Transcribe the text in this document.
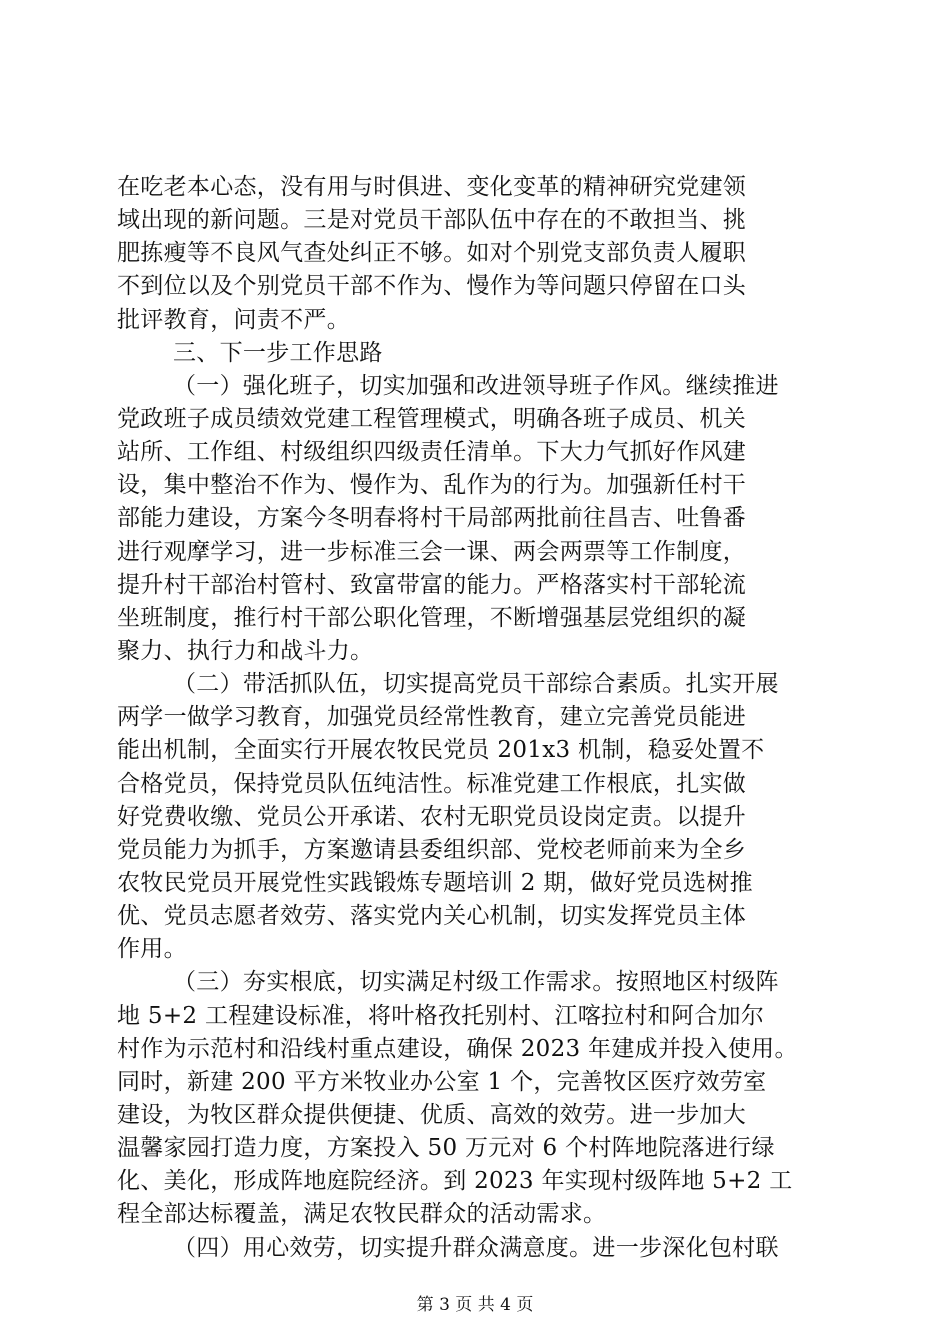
在吃老本心态，没有用与时俱进、变化变革的精神研究党建领
域出现的新问题。三是对党员干部队伍中存在的不敢担当、挑
肥拣瘦等不良风气查处纠正不够。如对个别党支部负责人履职
不到位以及个别党员干部不作为、慢作为等问题只停留在口头
批评教育，问责不严。
三、下一步工作思路
（一）强化班子，切实加强和改进领导班子作风。继续推进
党政班子成员绩效党建工程管理模式，明确各班子成员、机关
站所、工作组、村级组织四级责任清单。下大力气抓好作风建
设，集中整治不作为、慢作为、乱作为的行为。加强新任村干
部能力建设，方案今冬明春将村干局部两批前往昌吉、吐鲁番
进行观摩学习，进一步标准三会一课、两会两票等工作制度，
提升村干部治村管村、致富带富的能力。严格落实村干部轮流
坐班制度，推行村干部公职化管理，不断增强基层党组织的凝
聚力、执行力和战斗力。
（二）带活抓队伍，切实提高党员干部综合素质。扎实开展
两学一做学习教育，加强党员经常性教育，建立完善党员能进
能出机制，全面实行开展农牧民党员 201x3 机制，稳妥处置不
合格党员，保持党员队伍纯洁性。标准党建工作根底，扎实做
好党费收缴、党员公开承诺、农村无职党员设岗定责。以提升
党员能力为抓手，方案邀请县委组织部、党校老师前来为全乡
农牧民党员开展党性实践锻炼专题培训 2 期，做好党员选树推
优、党员志愿者效劳、落实党内关心机制，切实发挥党员主体
作用。
（三）夯实根底，切实满足村级工作需求。按照地区村级阵
地 5+2 工程建设标准，将叶格孜托别村、江喀拉村和阿合加尔
村作为示范村和沿线村重点建设，确保 2023 年建成并投入使用。
同时，新建 200 平方米牧业办公室 1 个，完善牧区医疗效劳室
建设，为牧区群众提供便捷、优质、高效的效劳。进一步加大
温馨家园打造力度，方案投入 50 万元对 6 个村阵地院落进行绿
化、美化，形成阵地庭院经济。到 2023 年实现村级阵地 5+2 工
程全部达标覆盖，满足农牧民群众的活动需求。
（四）用心效劳，切实提升群众满意度。进一步深化包村联
第 3 页 共 4 页
